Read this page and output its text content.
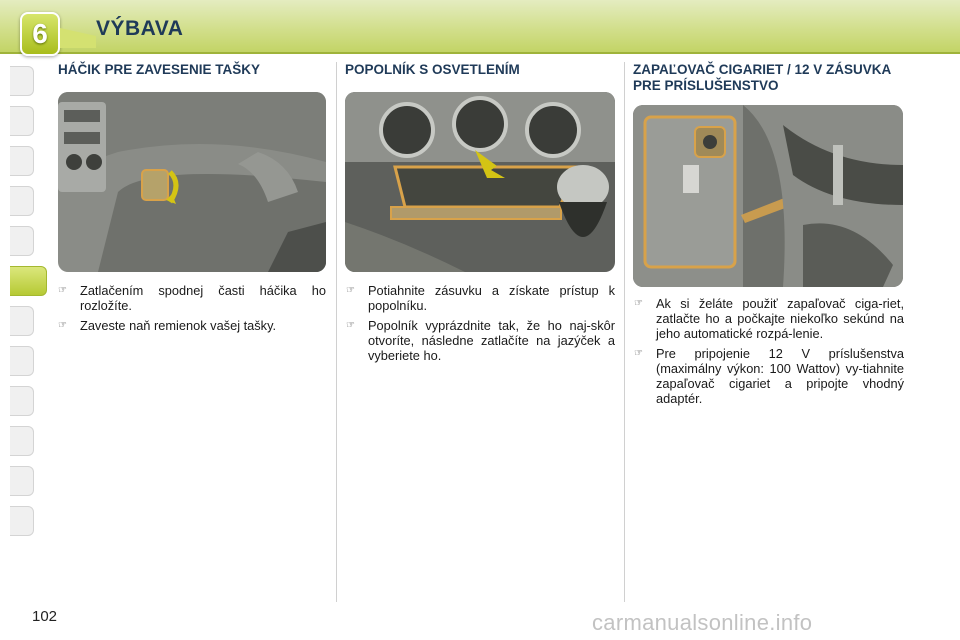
6 VÝBAVA
HÁČIK PRE ZAVESENIE TAŠKY
☞ Zatlačením spodnej časti háčika ho rozložíte.
☞ Zaveste naň remienok vašej tašky.
POPOLNÍK S OSVETLENÍM
☞ Potiahnite zásuvku a získate prístup k popolníku.
☞ Popolník vyprázdnite tak, že ho naj-skôr otvoríte, následne zatlačíte na jazýček a vyberiete ho.
ZAPAĽOVAČ CIGARIET / 12 V ZÁSUVKA PRE PRÍSLUŠENSTVO
☞ Ak si želáte použiť zapaľovač ciga-riet, zatlačte ho a počkajte niekoľko sekúnd na jeho automatické rozpá-lenie.
☞ Pre pripojenie 12 V príslušenstva (maximálny výkon: 100 Wattov) vy-tiahnite zapaľovač cigariet a pripojte vhodný adaptér.
102	carmanualsonline.info
